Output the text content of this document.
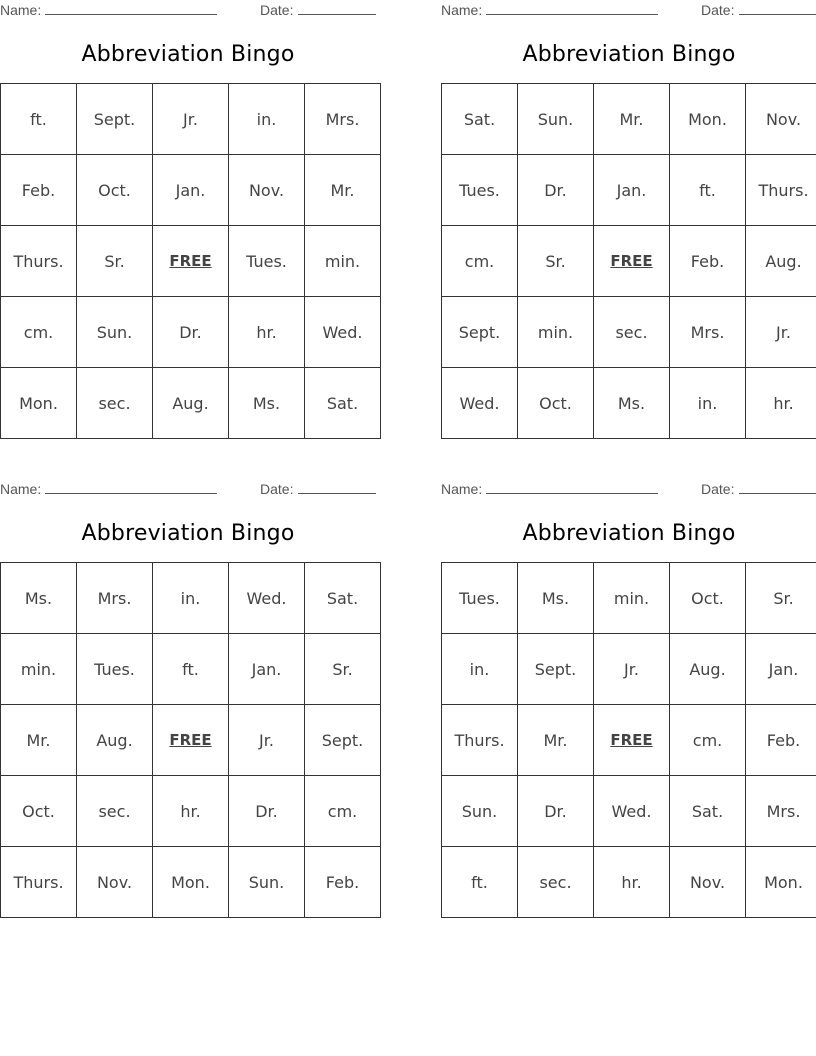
Name:	Date:
Abbreviation Bingo
ft.	Sept.	Jr.	in.	Mrs.
Feb.	Oct.	Jan.	Nov.	Mr.
Thurs.	Sr.	FREE	Tues.	min.
cm.	Sun.	Dr.	hr.	Wed.
Mon.	sec.	Aug.	Ms.	Sat.
Name:	Date:
Abbreviation Bingo
Sat.	Sun.	Mr.	Mon.	Nov.
Tues.	Dr.	Jan.	ft.	Thurs.
cm.	Sr.	FREE	Feb.	Aug.
Sept.	min.	sec.	Mrs.	Jr.
Wed.	Oct.	Ms.	in.	hr.
Name:	Date:
Abbreviation Bingo
Ms.	Mrs.	in.	Wed.	Sat.
min.	Tues.	ft.	Jan.	Sr.
Mr.	Aug.	FREE	Jr.	Sept.
Oct.	sec.	hr.	Dr.	cm.
Thurs.	Nov.	Mon.	Sun.	Feb.
Name:	Date:
Abbreviation Bingo
Tues.	Ms.	min.	Oct.	Sr.
in.	Sept.	Jr.	Aug.	Jan.
Thurs.	Mr.	FREE	cm.	Feb.
Sun.	Dr.	Wed.	Sat.	Mrs.
ft.	sec.	hr.	Nov.	Mon.
